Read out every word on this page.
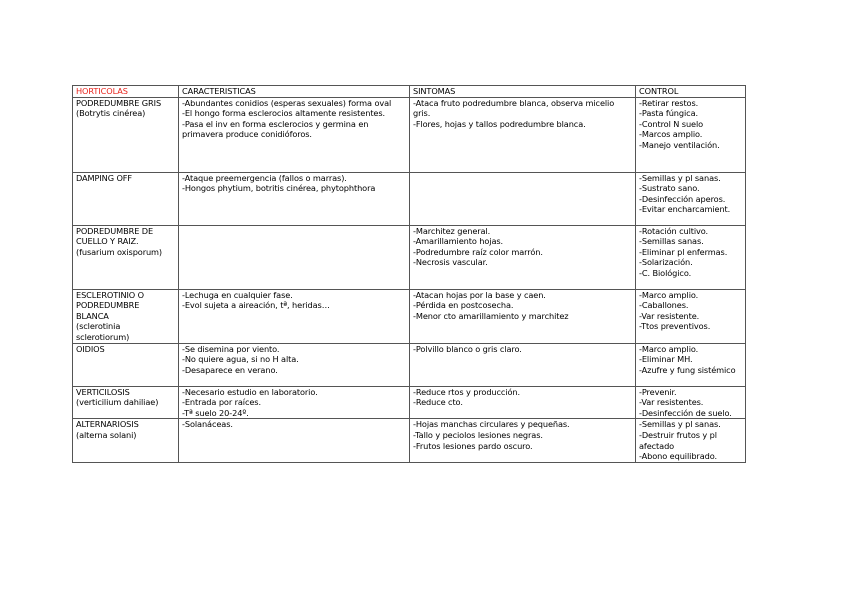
HORTICOLAS	CARACTERISTICAS	SINTOMAS	CONTROL

PODREDUMBRE GRIS
(Botrytis cinérea)	-Abundantes conidios (esperas sexuales) forma oval
-El hongo forma esclerocios altamente resistentes.
-Pasa el inv en forma esclerocios y germina en primavera produce conidióforos.	-Ataca fruto podredumbre blanca, observa micelio gris.
-Flores, hojas y tallos podredumbre blanca.	-Retirar restos.
-Pasta fúngica.
-Control N suelo
-Marcos amplio.
-Manejo ventilación.

DAMPING OFF	-Ataque preemergencia (fallos o marras).
-Hongos phytium, botritis cinérea, phytophthora		-Semillas y pl sanas.
-Sustrato sano.
-Desinfección aperos.
-Evitar encharcamient.

PODREDUMBRE DE CUELLO Y RAIZ.
(fusarium oxisporum)		-Marchitez general.
-Amarillamiento hojas.
-Podredumbre raíz color marrón.
-Necrosis vascular.	-Rotación cultivo.
-Semillas sanas.
-Eliminar pl enfermas.
-Solarización.
-C. Biológico.

ESCLEROTINIO O PODREDUMBRE BLANCA
(sclerotinia sclerotiorum)	-Lechuga en cualquier fase.
-Evol sujeta a aireación, tª, heridas…	-Atacan hojas por la base y caen.
-Pérdida en postcosecha.
-Menor cto amarillamiento y marchitez	-Marco amplio.
-Caballones.
-Var resistente.
-Ttos preventivos.

OIDIOS	-Se disemina por viento.
-No quiere agua, si no H alta.
-Desaparece en verano.	-Polvillo blanco o gris claro.	-Marco amplio.
-Eliminar MH.
-Azufre y fung sistémico

VERTICILOSIS
(verticilium dahiliae)	-Necesario estudio en laboratorio.
-Entrada por raíces.
-Tª suelo 20-24º.	-Reduce rtos y producción.
-Reduce cto.	-Prevenir.
-Var resistentes.
-Desinfección de suelo.

ALTERNARIOSIS
(alterna solani)	-Solanáceas.	-Hojas manchas circulares y pequeñas.
-Tallo y peciolos lesiones negras.
-Frutos lesiones pardo oscuro.	-Semillas y pl sanas.
-Destruir frutos y pl afectado
-Abono equilibrado.
